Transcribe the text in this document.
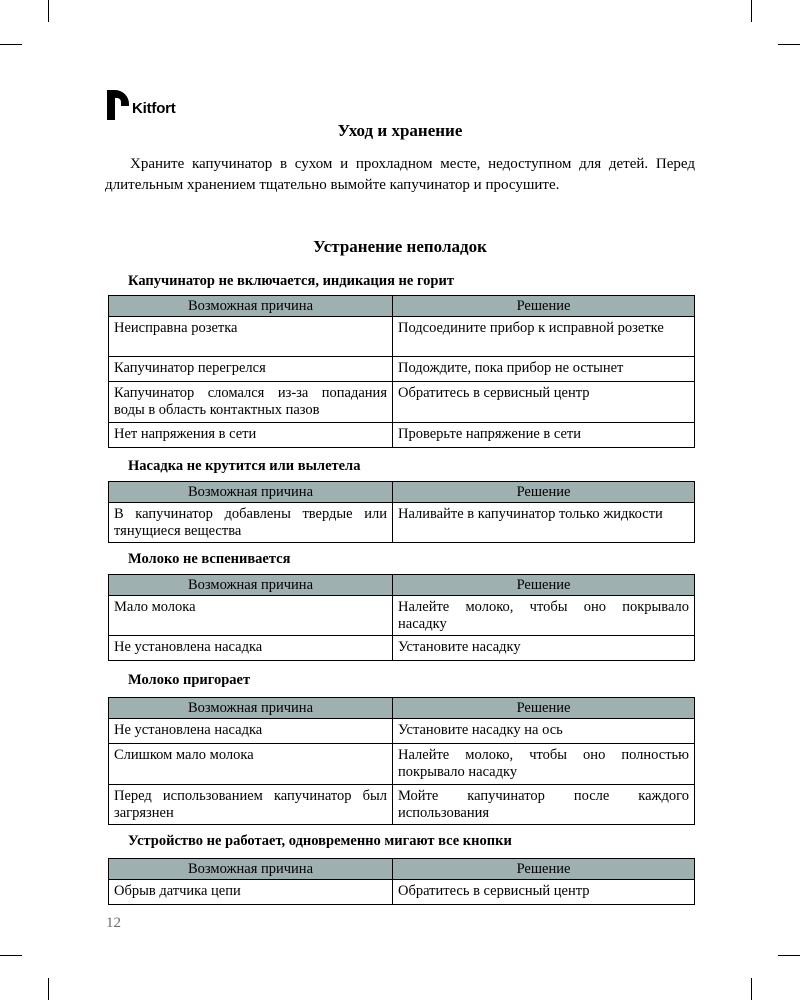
Kitfort
Уход и хранение

Храните капучинатор в сухом и прохладном месте, недоступном для детей. Перед длительным хранением тщательно вымойте капучинатор и просушите.

Устранение неполадок
Капучинатор не включается, индикация не горит
Возможная причина	Решение
Неисправна розетка	Подсоедините прибор к исправной розетке
Капучинатор перегрелся	Подождите, пока прибор не остынет
Капучинатор сломался из-за попадания воды в область контактных пазов	Обратитесь в сервисный центр
Нет напряжения в сети	Проверьте напряжение в сети
Насадка не крутится или вылетела
Возможная причина	Решение
В капучинатор добавлены твердые или тянущиеся вещества	Наливайте в капучинатор только жидкости
Молоко не вспенивается
Возможная причина	Решение
Мало молока	Налейте молоко, чтобы оно покрывало насадку
Не установлена насадка	Установите насадку
Молоко пригорает
Возможная причина	Решение
Не установлена насадка	Установите насадку на ось
Слишком мало молока	Налейте молоко, чтобы оно полностью покрывало насадку
Перед использованием капучинатор был загрязнен	Мойте капучинатор после каждого использования
Устройство не работает, одновременно мигают все кнопки
Возможная причина	Решение
Обрыв датчика цепи	Обратитесь в сервисный центр
12
